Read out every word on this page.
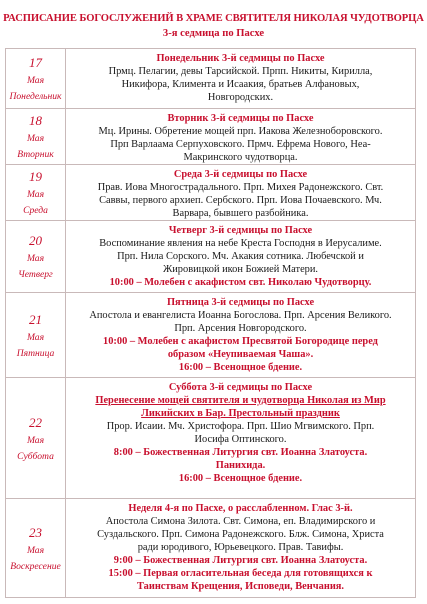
РАСПИСАНИЕ БОГОСЛУЖЕНИЙ В ХРАМЕ СВЯТИТЕЛЯ НИКОЛАЯ ЧУДОТВОРЦА
3-я седмица по Пасхе
17
Мая
Понедельник
Понедельник 3-й седмицы по Пасхе
Прмц. Пелагии, девы Тарсийской. Прпп. Никиты, Кирилла,
Никифора, Климента и Исаакия, братьев Алфановых,
Новгородских.
18
Мая
Вторник
Вторник 3-й седмицы по Пасхе
Мц. Ирины. Обретение мощей прп. Иакова Железноборовского.
Прп Варлаама Серпуховского. Прмч. Ефрема Нового, Неа-
Макринского чудотворца.
19
Мая
Среда
Среда 3-й седмицы по Пасхе
Прав. Иова Многострадального. Прп. Михея Радонежского. Свт.
Саввы, первого архиеп. Сербского. Прп. Иова Почаевского. Мч.
Варвара, бывшего разбойника.
20
Мая
Четверг
Четверг 3-й седмицы по Пасхе
Воспоминание явления на небе Креста Господня в Иерусалиме.
Прп. Нила Сорского. Мч. Акакия сотника. Любечской и
Жировицкой икон Божией Матери.
10:00 – Молебен с акафистом свт. Николаю Чудотворцу.
21
Мая
Пятница
Пятница 3-й седмицы по Пасхе
Апостола и евангелиста Иоанна Богослова. Прп. Арсения Великого.
Прп. Арсения Новгородского.
10:00 – Молебен с акафистом Пресвятой Богородице перед
образом «Неупиваемая Чаша».
16:00 – Всенощное бдение.
22
Мая
Суббота
Суббота 3-й седмицы по Пасхе
Перенесение мощей святителя и чудотворца Николая из Мир
Ликийских в Бар. Престольный праздник
Прор. Исаии. Мч. Христофора. Прп. Шио Мгвимского. Прп.
Иосифа Оптинского.
8:00 – Божественная Литургия свт. Иоанна Златоуста.
Панихида.
16:00 – Всенощное бдение.
23
Мая
Воскресение
Неделя 4-я по Пасхе, о расслабленном. Глас 3-й.
Апостола Симона Зилота. Свт. Симона, еп. Владимирского и
Суздальского. Прп. Симона Радонежского. Блж. Симона, Христа
ради юродивого, Юрьевецкого. Прав. Тавифы.
9:00 – Божественная Литургия свт. Иоанна Златоуста.
15:00 – Первая огласительная беседа для готовящихся к
Таинствам Крещения, Исповеди, Венчания.
